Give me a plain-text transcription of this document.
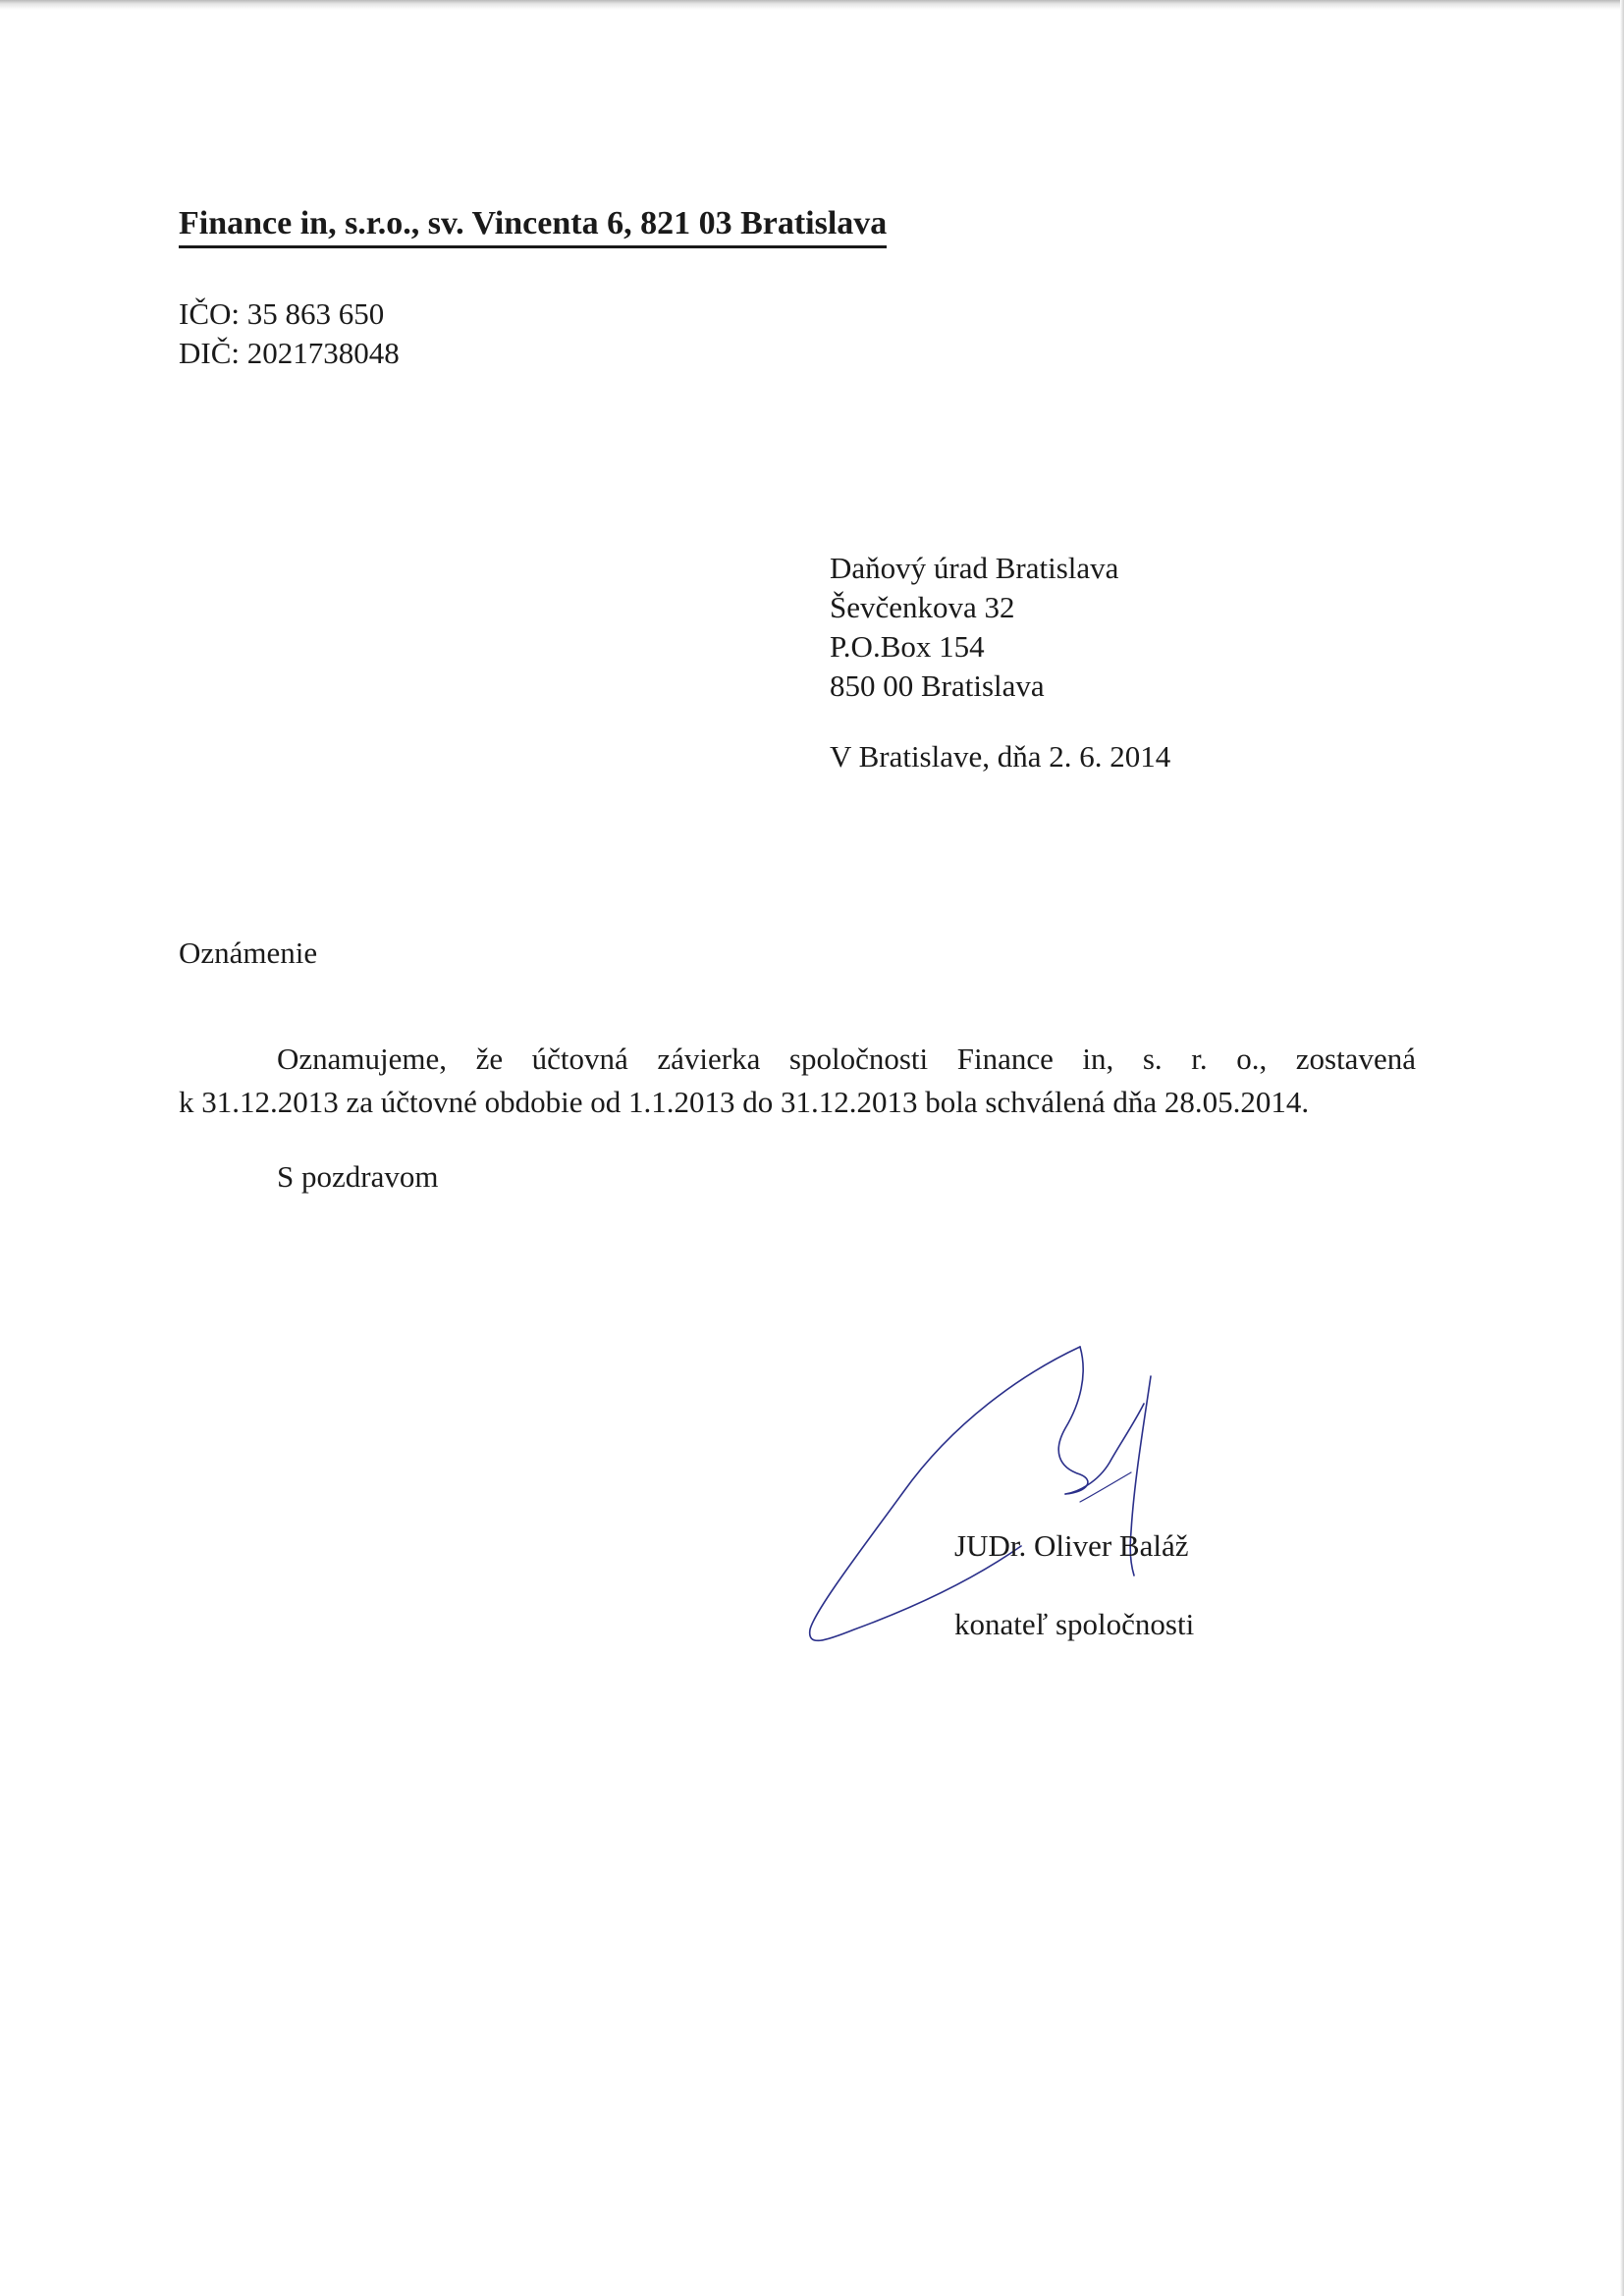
Finance in, s.r.o., sv. Vincenta 6, 821 03 Bratislava
IČO: 35 863 650
DIČ: 2021738048
Daňový úrad Bratislava
Ševčenkova 32
P.O.Box 154
850 00 Bratislava
V Bratislave, dňa 2. 6. 2014
Oznámenie
Oznamujeme, že účtovná závierka spoločnosti Finance in, s. r. o., zostavená
k 31.12.2013 za účtovné obdobie od 1.1.2013 do 31.12.2013 bola schválená dňa 28.05.2014.
S pozdravom
JUDr. Oliver Baláž
konateľ spoločnosti
